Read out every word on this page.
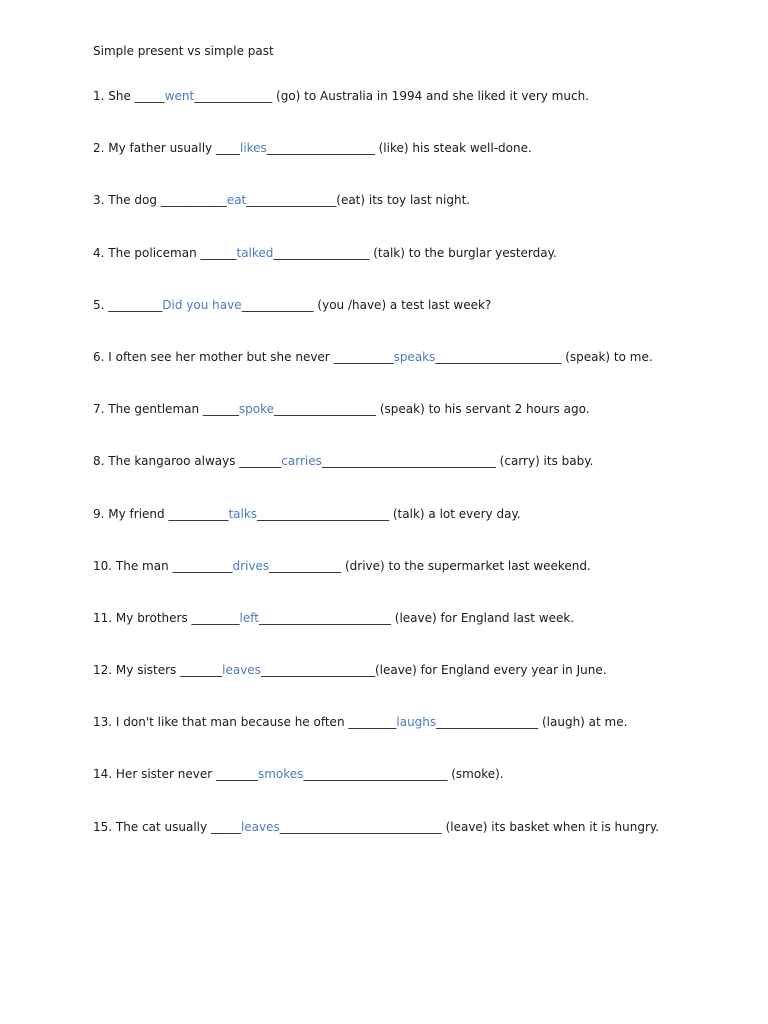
Simple present vs simple past
1. She _____went_____________ (go) to Australia in 1994 and she liked it very much.
2. My father usually ____likes__________________ (like) his steak well-done.
3. The dog ___________eat_______________(eat) its toy last night.
4. The policeman ______talked________________ (talk) to the burglar yesterday.
5. _________Did you have____________ (you /have) a test last week?
6. I often see her mother but she never __________speaks_____________________ (speak) to me.
7. The gentleman ______spoke_________________ (speak) to his servant 2 hours ago.
8. The kangaroo always _______carries_____________________________ (carry) its baby.
9. My friend __________talks______________________ (talk) a lot every day.
10. The man __________drives____________ (drive) to the supermarket last weekend.
11. My brothers ________left______________________ (leave) for England last week.
12. My sisters _______leaves___________________(leave) for England every year in June.
13. I don't like that man because he often ________laughs_________________ (laugh) at me.
14. Her sister never _______smokes________________________ (smoke).
15. The cat usually _____leaves___________________________ (leave) its basket when it is hungry.
